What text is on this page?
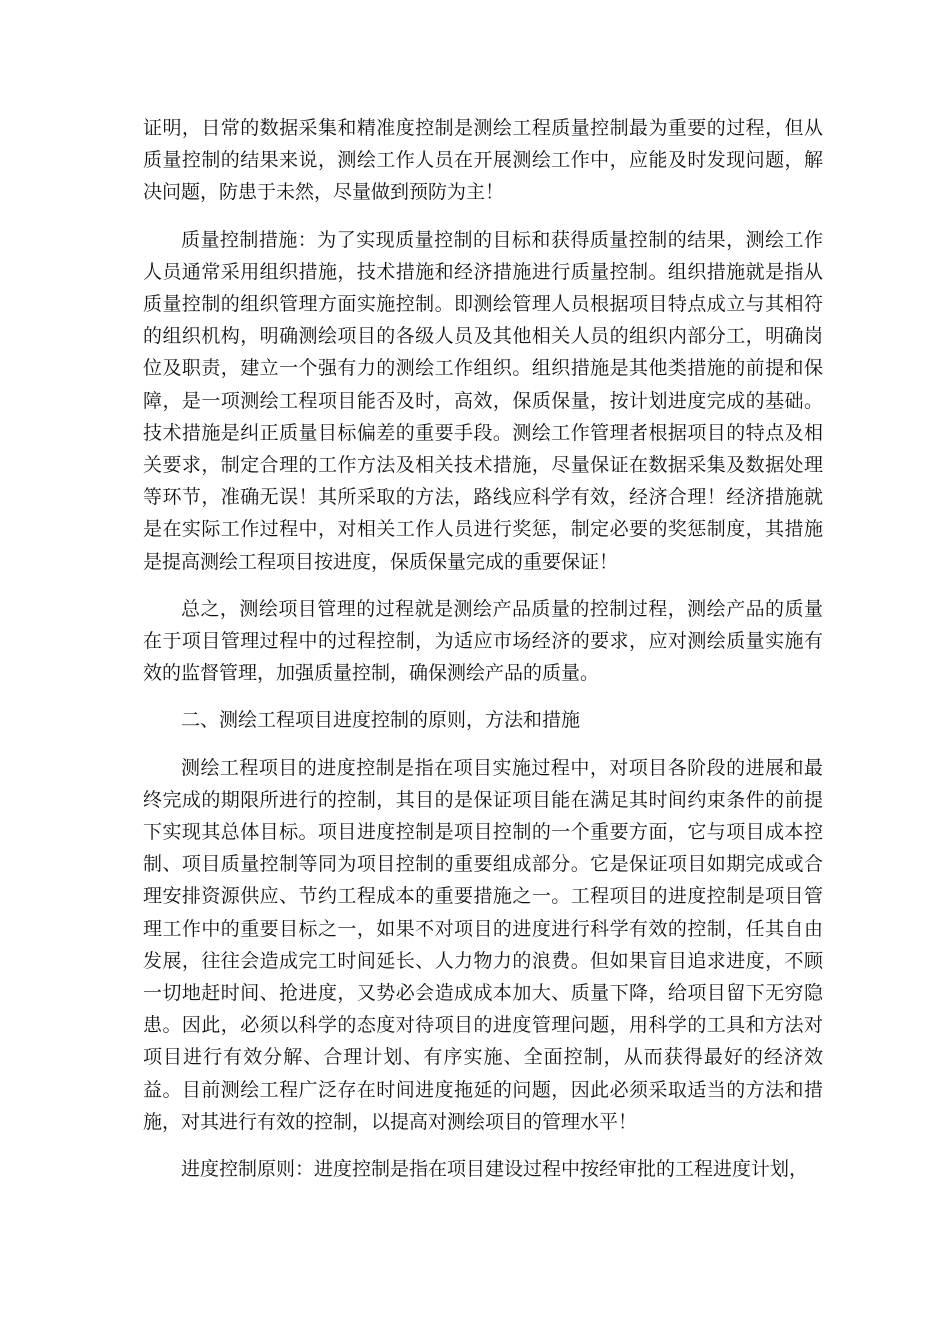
证明，日常的数据采集和精准度控制是测绘工程质量控制最为重要的过程，但从质量控制的结果来说，测绘工作人员在开展测绘工作中，应能及时发现问题，解决问题，防患于未然，尽量做到预防为主！

质量控制措施：为了实现质量控制的目标和获得质量控制的结果，测绘工作人员通常采用组织措施，技术措施和经济措施进行质量控制。组织措施就是指从质量控制的组织管理方面实施控制。即测绘管理人员根据项目特点成立与其相符的组织机构，明确测绘项目的各级人员及其他相关人员的组织内部分工，明确岗位及职责，建立一个强有力的测绘工作组织。组织措施是其他类措施的前提和保障，是一项测绘工程项目能否及时，高效，保质保量，按计划进度完成的基础。技术措施是纠正质量目标偏差的重要手段。测绘工作管理者根据项目的特点及相关要求，制定合理的工作方法及相关技术措施，尽量保证在数据采集及数据处理等环节，准确无误！其所采取的方法，路线应科学有效，经济合理！经济措施就是在实际工作过程中，对相关工作人员进行奖惩，制定必要的奖惩制度，其措施是提高测绘工程项目按进度，保质保量完成的重要保证！

总之，测绘项目管理的过程就是测绘产品质量的控制过程，测绘产品的质量在于项目管理过程中的过程控制，为适应市场经济的要求，应对测绘质量实施有效的监督管理，加强质量控制，确保测绘产品的质量。

二、测绘工程项目进度控制的原则，方法和措施

测绘工程项目的进度控制是指在项目实施过程中，对项目各阶段的进展和最终完成的期限所进行的控制，其目的是保证项目能在满足其时间约束条件的前提下实现其总体目标。项目进度控制是项目控制的一个重要方面，它与项目成本控制、项目质量控制等同为项目控制的重要组成部分。它是保证项目如期完成或合理安排资源供应、节约工程成本的重要措施之一。工程项目的进度控制是项目管理工作中的重要目标之一，如果不对项目的进度进行科学有效的控制，任其自由发展，往往会造成完工时间延长、人力物力的浪费。但如果盲目追求进度，不顾一切地赶时间、抢进度，又势必会造成成本加大、质量下降，给项目留下无穷隐患。因此，必须以科学的态度对待项目的进度管理问题，用科学的工具和方法对项目进行有效分解、合理计划、有序实施、全面控制，从而获得最好的经济效益。目前测绘工程广泛存在时间进度拖延的问题，因此必须采取适当的方法和措施，对其进行有效的控制，以提高对测绘项目的管理水平！

进度控制原则：进度控制是指在项目建设过程中按经审批的工程进度计划，
